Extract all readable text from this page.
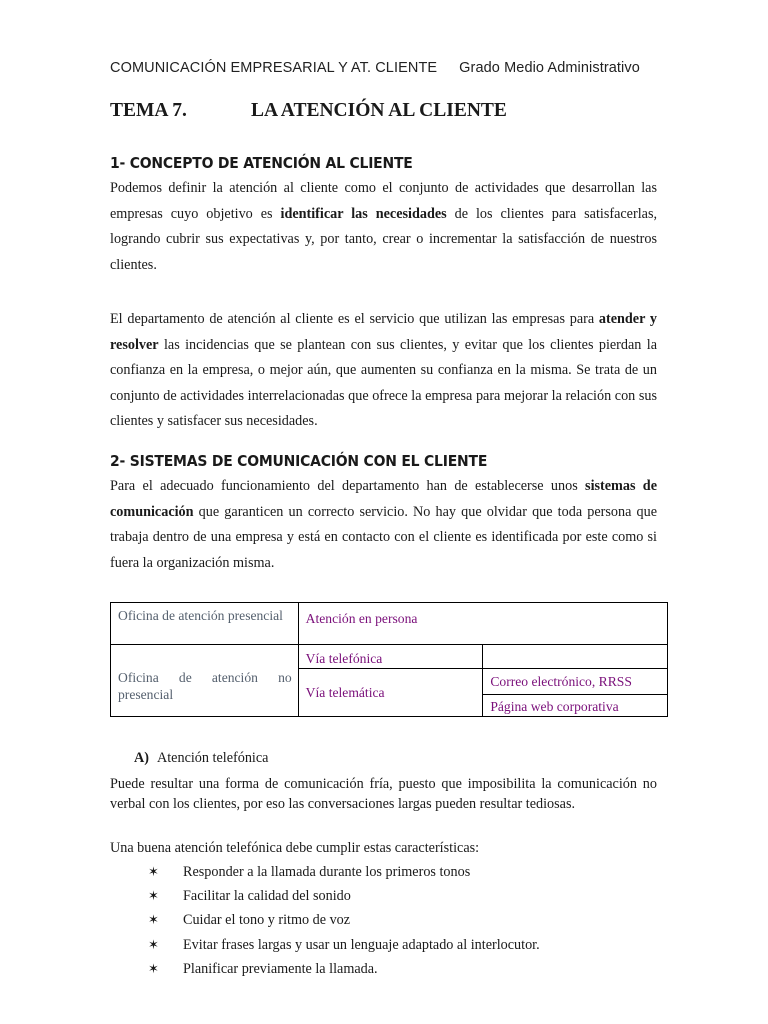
COMUNICACIÓN EMPRESARIAL Y AT. CLIENTE Grado Medio Administrativo
TEMA 7.	LA ATENCIÓN AL CLIENTE
1- CONCEPTO DE ATENCIÓN AL CLIENTE
Podemos definir la atención al cliente como el conjunto de actividades que desarrollan las empresas cuyo objetivo es identificar las necesidades de los clientes para satisfacerlas, logrando cubrir sus expectativas y, por tanto, crear o incrementar la satisfacción de nuestros clientes.
El departamento de atención al cliente es el servicio que utilizan las empresas para atender y resolver las incidencias que se plantean con sus clientes, y evitar que los clientes pierdan la confianza en la empresa, o mejor aún, que aumenten su confianza en la misma. Se trata de un conjunto de actividades interrelacionadas que ofrece la empresa para mejorar la relación con sus clientes y satisfacer sus necesidades.
2- SISTEMAS DE COMUNICACIÓN CON EL CLIENTE
Para el adecuado funcionamiento del departamento han de establecerse unos sistemas de comunicación que garanticen un correcto servicio. No hay que olvidar que toda persona que trabaja dentro de una empresa y está en contacto con el cliente es identificada por este como si fuera la organización misma.
Oficina de atención presencial	Atención en persona	
Oficina de atención no presencial	Vía telefónica	
	Vía telemática	Correo electrónico, RRSS
		Página web corporativa
A) Atención telefónica
Puede resultar una forma de comunicación fría, puesto que imposibilita la comunicación no verbal con los clientes, por eso las conversaciones largas pueden resultar tediosas.
Una buena atención telefónica debe cumplir estas características:
✶ Responder a la llamada durante los primeros tonos
✶ Facilitar la calidad del sonido
✶ Cuidar el tono y ritmo de voz
✶ Evitar frases largas y usar un lenguaje adaptado al interlocutor.
✶ Planificar previamente la llamada.
